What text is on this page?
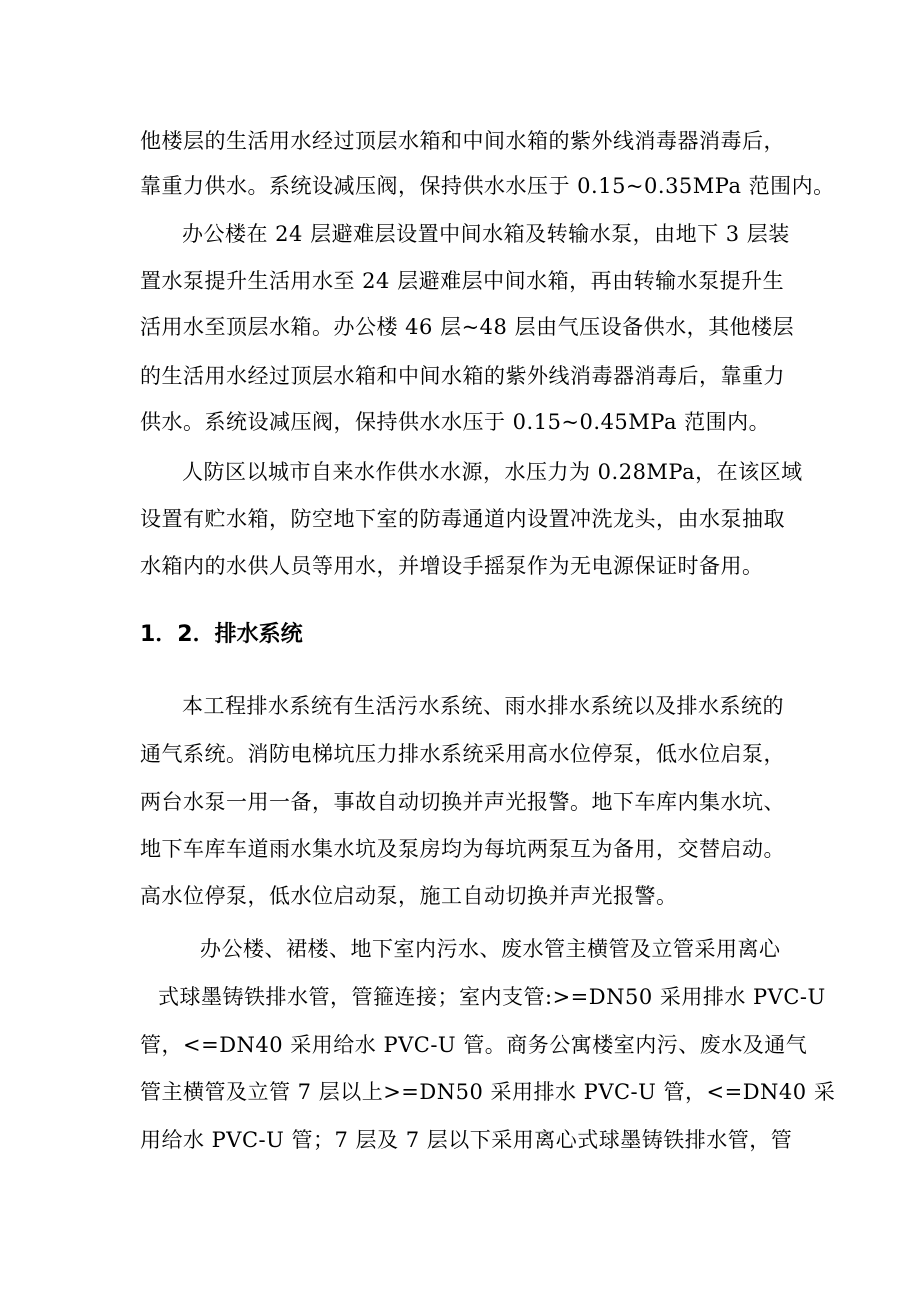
他楼层的生活用水经过顶层水箱和中间水箱的紫外线消毒器消毒后，
靠重力供水。系统设减压阀，保持供水水压于 0.15~0.35MPa 范围内。
办公楼在 24 层避难层设置中间水箱及转输水泵，由地下 3 层装
置水泵提升生活用水至 24 层避难层中间水箱，再由转输水泵提升生
活用水至顶层水箱。办公楼 46 层~48 层由气压设备供水，其他楼层
的生活用水经过顶层水箱和中间水箱的紫外线消毒器消毒后，靠重力
供水。系统设减压阀，保持供水水压于 0.15~0.45MPa 范围内。
人防区以城市自来水作供水水源，水压力为 0.28MPa，在该区域
设置有贮水箱，防空地下室的防毒通道内设置冲洗龙头，由水泵抽取
水箱内的水供人员等用水，并增设手摇泵作为无电源保证时备用。
1．2．排水系统
本工程排水系统有生活污水系统、雨水排水系统以及排水系统的
通气系统。消防电梯坑压力排水系统采用高水位停泵，低水位启泵，
两台水泵一用一备，事故自动切换并声光报警。地下车库内集水坑、
地下车库车道雨水集水坑及泵房均为每坑两泵互为备用，交替启动。
高水位停泵，低水位启动泵，施工自动切换并声光报警。
办公楼、裙楼、地下室内污水、废水管主横管及立管采用离心
式球墨铸铁排水管，管箍连接；室内支管:>=DN50 采用排水 PVC-U
管，<=DN40 采用给水 PVC-U 管。商务公寓楼室内污、废水及通气
管主横管及立管 7 层以上>=DN50 采用排水 PVC-U 管，<=DN40 采
用给水 PVC-U 管；7 层及 7 层以下采用离心式球墨铸铁排水管，管
